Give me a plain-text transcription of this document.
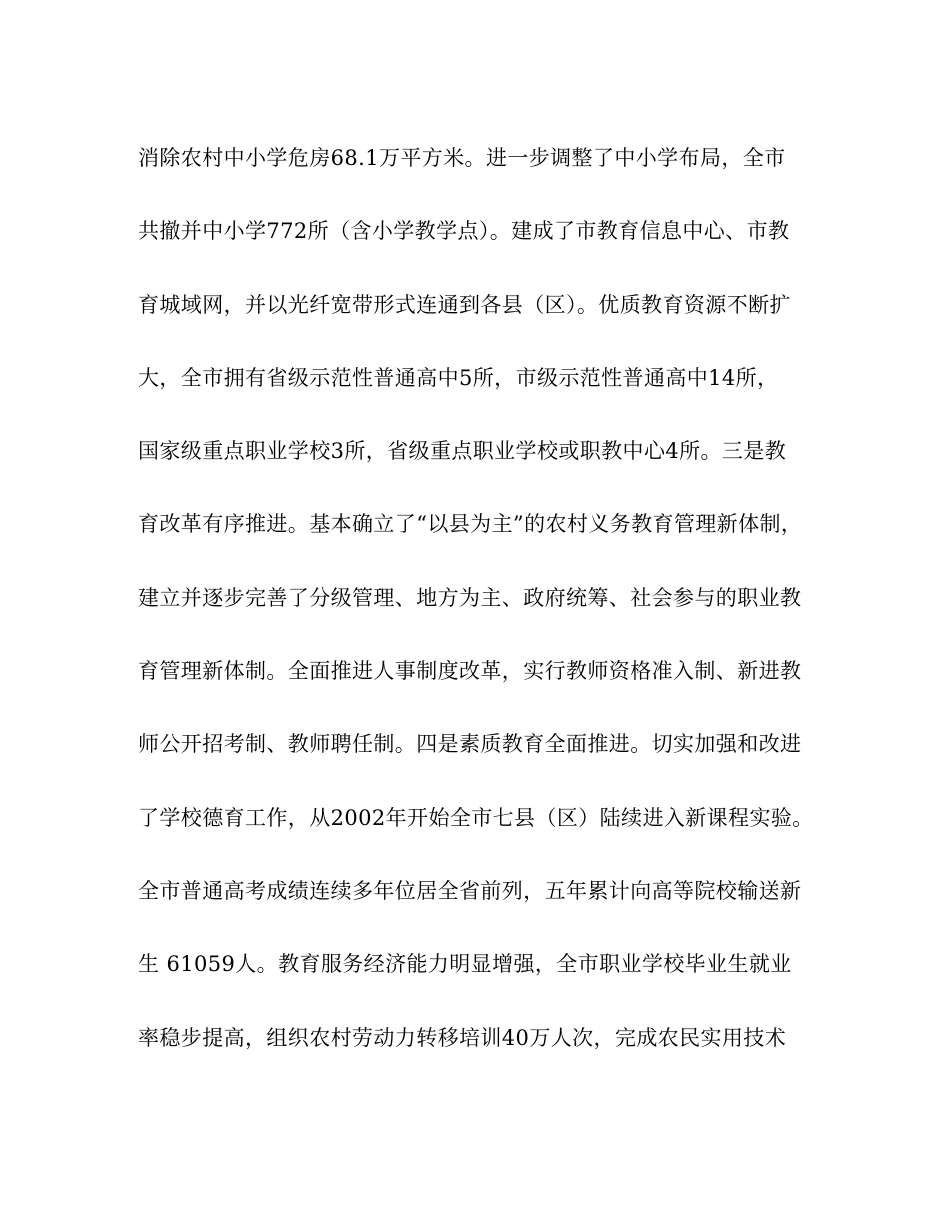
消除农村中小学危房68.1万平方米。进一步调整了中小学布局，全市
共撤并中小学772所（含小学教学点）。建成了市教育信息中心、市教
育城域网，并以光纤宽带形式连通到各县（区）。优质教育资源不断扩
大，全市拥有省级示范性普通高中5所，市级示范性普通高中14所，
国家级重点职业学校3所，省级重点职业学校或职教中心4所。三是教
育改革有序推进。基本确立了“以县为主”的农村义务教育管理新体制，
建立并逐步完善了分级管理、地方为主、政府统筹、社会参与的职业教
育管理新体制。全面推进人事制度改革，实行教师资格准入制、新进教
师公开招考制、教师聘任制。四是素质教育全面推进。切实加强和改进
了学校德育工作，从2002年开始全市七县（区）陆续进入新课程实验。
全市普通高考成绩连续多年位居全省前列，五年累计向高等院校输送新
生 61059人。教育服务经济能力明显增强，全市职业学校毕业生就业
率稳步提高，组织农村劳动力转移培训40万人次，完成农民实用技术
